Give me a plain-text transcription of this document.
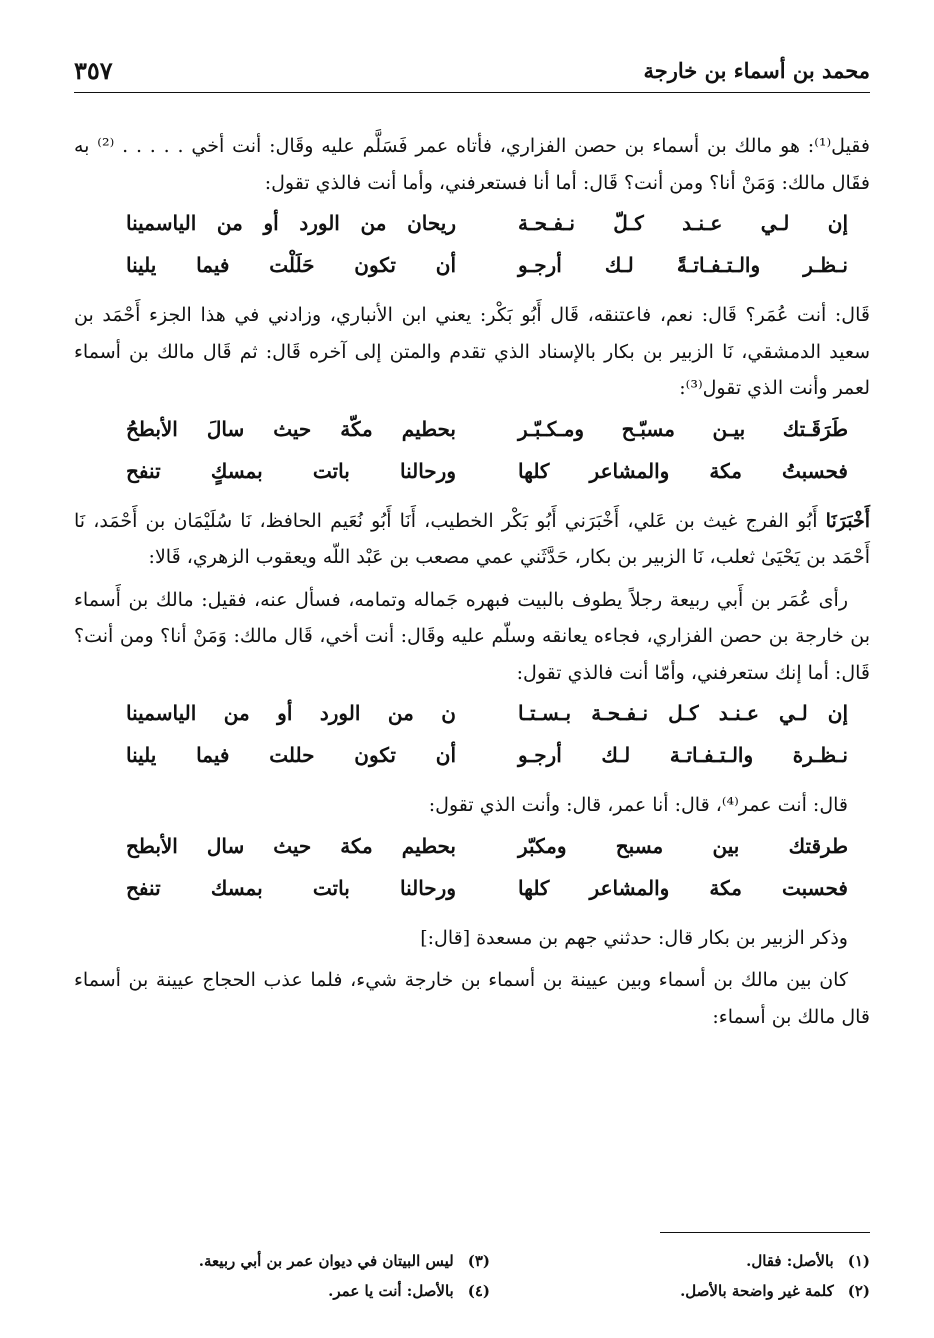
محمد بن أسماء بن خارجة
٣٥٧

فقيل⁽¹⁾: هو مالك بن أسماء بن حصن الفزاري، فأتاه عمر فَسَلَّم عليه وقَال: أنت أخي . . . . . ⁽²⁾ به فقَال مالك: وَمَنْ أنا؟ ومن أنت؟ قَال: أما أنا فستعرفني، وأما أنت فالذي تقول:

إن لـي عـنـد كـلّ نـفـحـة
ريحان من الورد أو من الياسمينا
نـظـر والـتـفـاتـةً لـك أرجـو
أن تكون حَلَلْت فيما يلينا

قَال: أنت عُمَر؟ قَال: نعم، فاعتنقه، قَال أَبُو بَكْر: يعني ابن الأنباري، وزادني في هذا الجزء أَحْمَد بن سعيد الدمشقي، نَا الزبير بن بكار بالإسناد الذي تقدم والمتن إلى آخره قَال: ثم قَال مالك بن أسماء لعمر وأنت الذي تقول⁽³⁾:

طَرَقَـتك بيـن مسبّـح ومـكـبّـر
بحطيم مكّة حيث سالَ الأبطحُ
فحسبتُ مكة والمشاعر كلها
ورحالنا باتت بمسكٍ تنفح

أَخْبَرَنَا أَبُو الفرج غيث بن عَلي، أَخْبَرَني أَبُو بَكْر الخطيب، أَنَا أَبُو نُعَيم الحافظ، نَا سُلَيْمَان بن أَحْمَد، نَا أَحْمَد بن يَحْيَىٰ ثعلب، نَا الزبير بن بكار، حَدَّثَني عمي مصعب بن عَبْد اللّه ويعقوب الزهري، قَالا:

رأى عُمَر بن أَبي ربيعة رجلاً يطوف بالبيت فبهره جَماله وتمامه، فسأل عنه، فقيل: مالك بن أَسماء بن خارجة بن حصن الفزاري، فجاءه يعانقه وسلّم عليه وقَال: أنت أخي، قَال مالك: وَمَنْ أنا؟ ومن أنت؟ قَال: أما إنك ستعرفني، وأمّا أنت فالذي تقول:

إن لـي عـنـد كـل نـفـحـة بـسـتـا
ن من الورد أو من الياسمينا
نـظـرة والـتـفـاتـة لـك أرجـو
أن تكون حللت فيما يلينا

قال: أنت عمر⁽⁴⁾، قال: أنا عمر، قال: وأنت الذي تقول:

طرقتك بين مسبح ومكبّر
بحطيم مكة حيث سال الأبطح
فحسبت مكة والمشاعر كلها
ورحالنا باتت بمسك تنفح

وذكر الزبير بن بكار قال: حدثني جهم بن مسعدة [قال:]

كان بين مالك بن أسماء وبين عيينة بن أسماء بن خارجة شيء، فلما عذب الحجاج عيينة بن أسماء قال مالك بن أسماء:

(١)بالأصل: فقال.
(٢)كلمة غير واضحة بالأصل.
(٣)ليس البيتان في ديوان عمر بن أبي ربيعة.
(٤)بالأصل: أنت يا عمر.
